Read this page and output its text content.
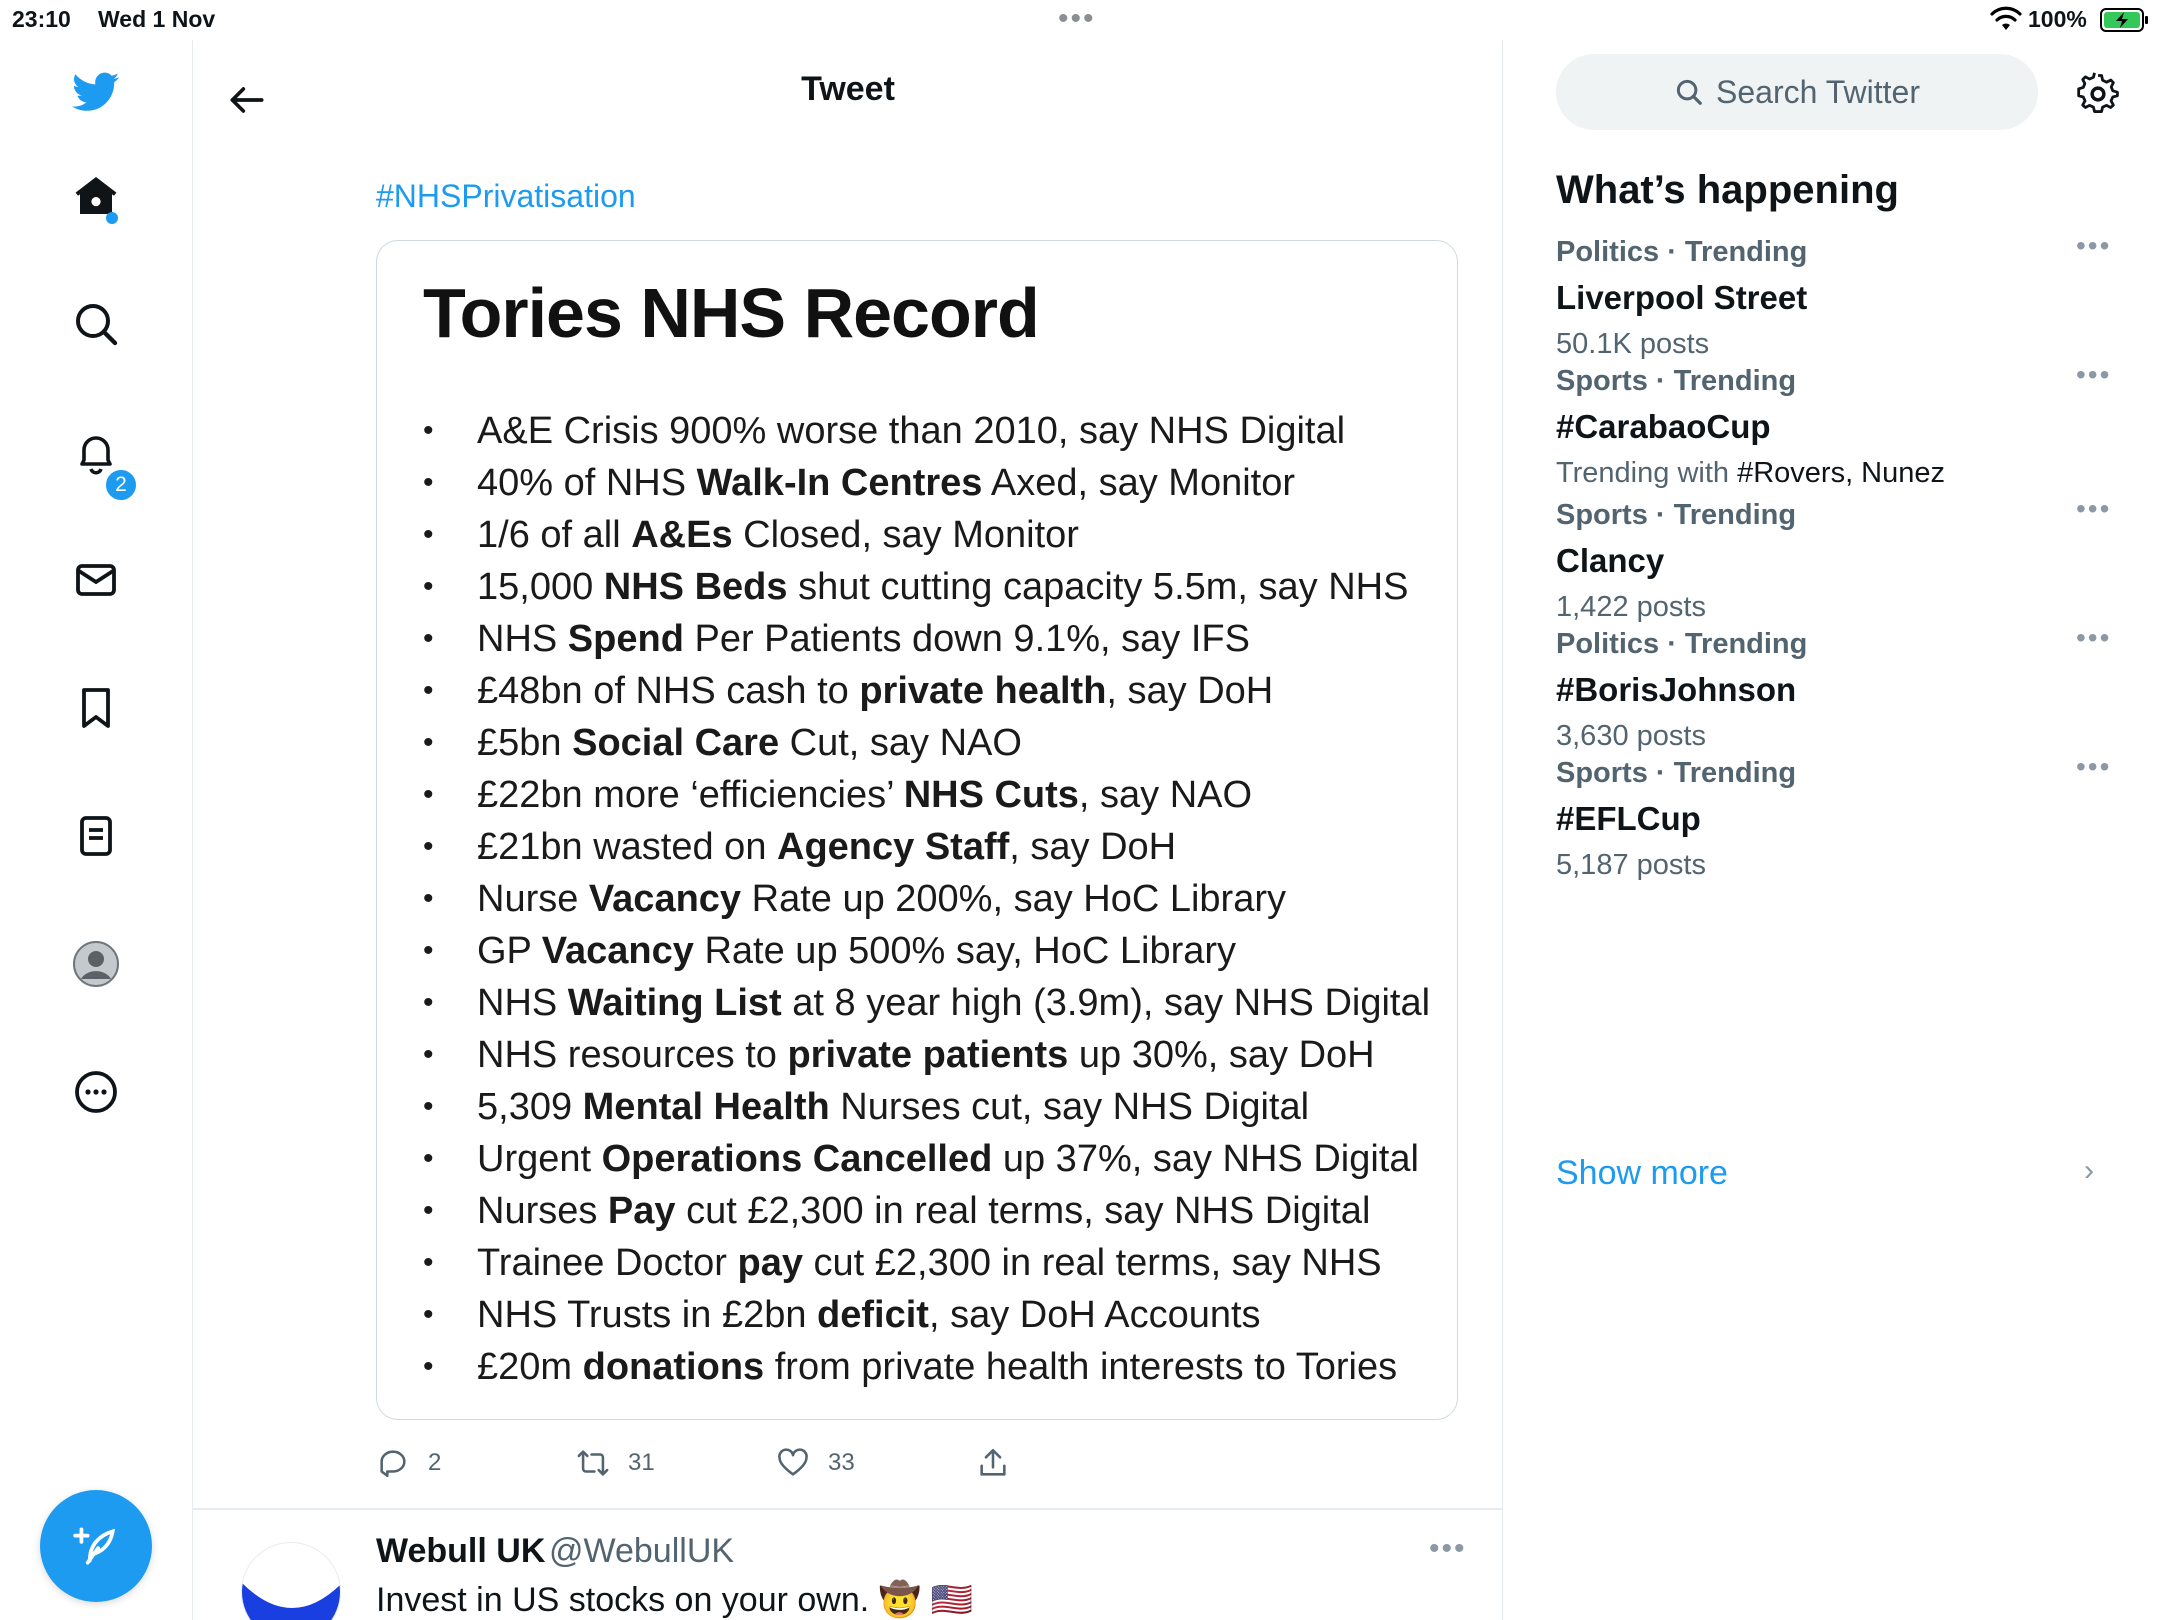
23:10 Wed 1 Nov	•••	100%
2
Tweet
#NHSPrivatisation
Tories NHS Record
•	A&E Crisis 900% worse than 2010, say NHS Digital
•	40% of NHS Walk-In Centres Axed, say Monitor
•	1/6 of all A&Es Closed, say Monitor
•	15,000 NHS Beds shut cutting capacity 5.5m, say NHS
•	NHS Spend Per Patients down 9.1%, say IFS
•	£48bn of NHS cash to private health, say DoH
•	£5bn Social Care Cut, say NAO
•	£22bn more ‘efficiencies’ NHS Cuts, say NAO
•	£21bn wasted on Agency Staff, say DoH
•	Nurse Vacancy Rate up 200%, say HoC Library
•	GP Vacancy Rate up 500% say, HoC Library
•	NHS Waiting List at 8 year high (3.9m), say NHS Digital
•	NHS resources to private patients up 30%, say DoH
•	5,309 Mental Health Nurses cut, say NHS Digital
•	Urgent Operations Cancelled up 37%, say NHS Digital
•	Nurses Pay cut £2,300 in real terms, say NHS Digital
•	Trainee Doctor pay cut £2,300 in real terms, say NHS
•	NHS Trusts in £2bn deficit, say DoH Accounts
•	£20m donations from private health interests to Tories
2	31	33
Webull UK @WebullUK	•••
Invest in US stocks on your own. 🤠 🇺🇸
Search Twitter
What’s happening
Politics · Trending
Liverpool Street
50.1K posts
•••
Sports · Trending
#CarabaoCup
Trending with #Rovers, Nunez
•••
Sports · Trending
Clancy
1,422 posts
•••
Politics · Trending
#BorisJohnson
3,630 posts
•••
Sports · Trending
#EFLCup
5,187 posts
•••
Show more	›
